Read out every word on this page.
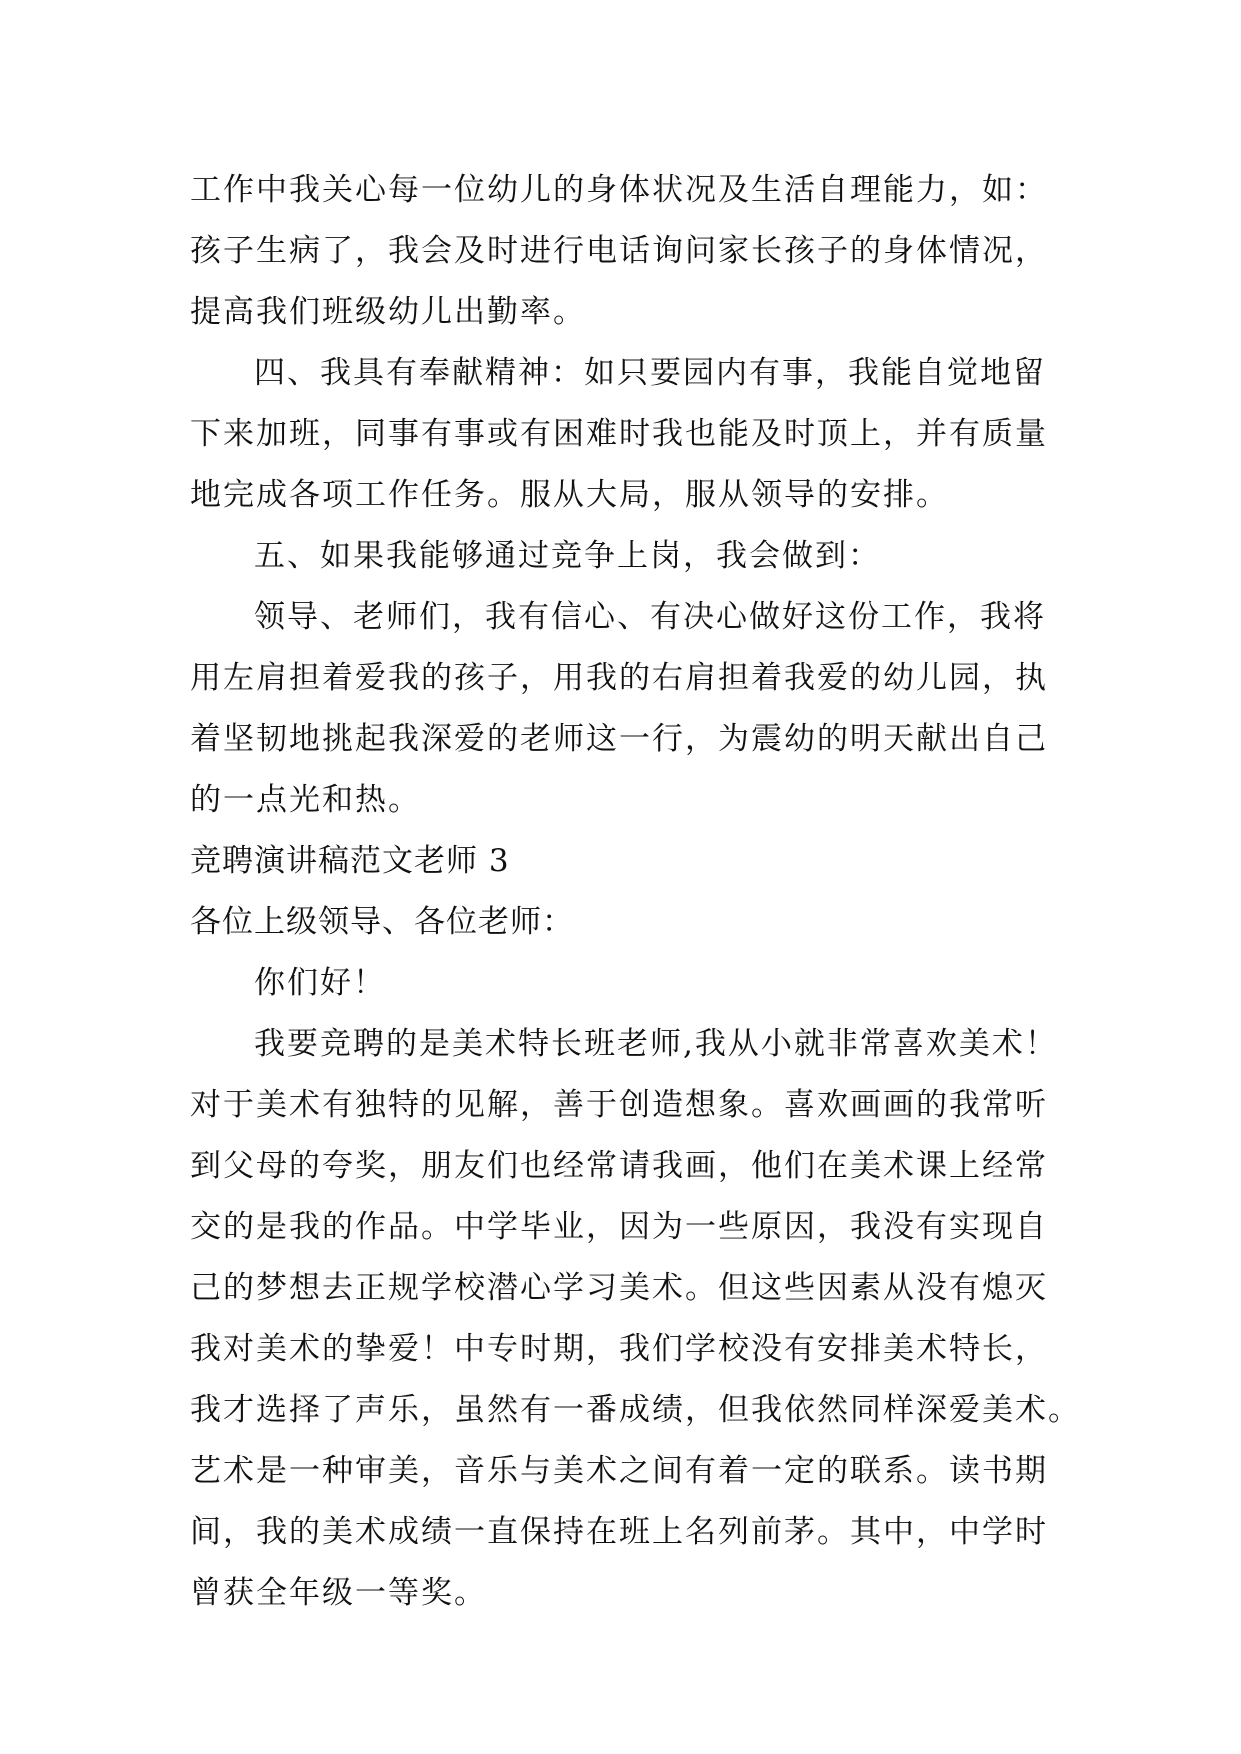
工作中我关心每一位幼儿的身体状况及生活自理能力，如：
孩子生病了，我会及时进行电话询问家长孩子的身体情况，
提高我们班级幼儿出勤率。

四、我具有奉献精神：如只要园内有事，我能自觉地留
下来加班，同事有事或有困难时我也能及时顶上，并有质量
地完成各项工作任务。服从大局，服从领导的安排。

五、如果我能够通过竞争上岗，我会做到：

领导、老师们，我有信心、有决心做好这份工作，我将
用左肩担着爱我的孩子，用我的右肩担着我爱的幼儿园，执
着坚韧地挑起我深爱的老师这一行，为震幼的明天献出自己
的一点光和热。

竞聘演讲稿范文老师 3

各位上级领导、各位老师：

你们好！

我要竞聘的是美术特长班老师,我从小就非常喜欢美术！
对于美术有独特的见解，善于创造想象。喜欢画画的我常听
到父母的夸奖，朋友们也经常请我画，他们在美术课上经常
交的是我的作品。中学毕业，因为一些原因，我没有实现自
己的梦想去正规学校潜心学习美术。但这些因素从没有熄灭
我对美术的挚爱！中专时期，我们学校没有安排美术特长，
我才选择了声乐，虽然有一番成绩，但我依然同样深爱美术。
艺术是一种审美，音乐与美术之间有着一定的联系。读书期
间，我的美术成绩一直保持在班上名列前茅。其中，中学时
曾获全年级一等奖。
